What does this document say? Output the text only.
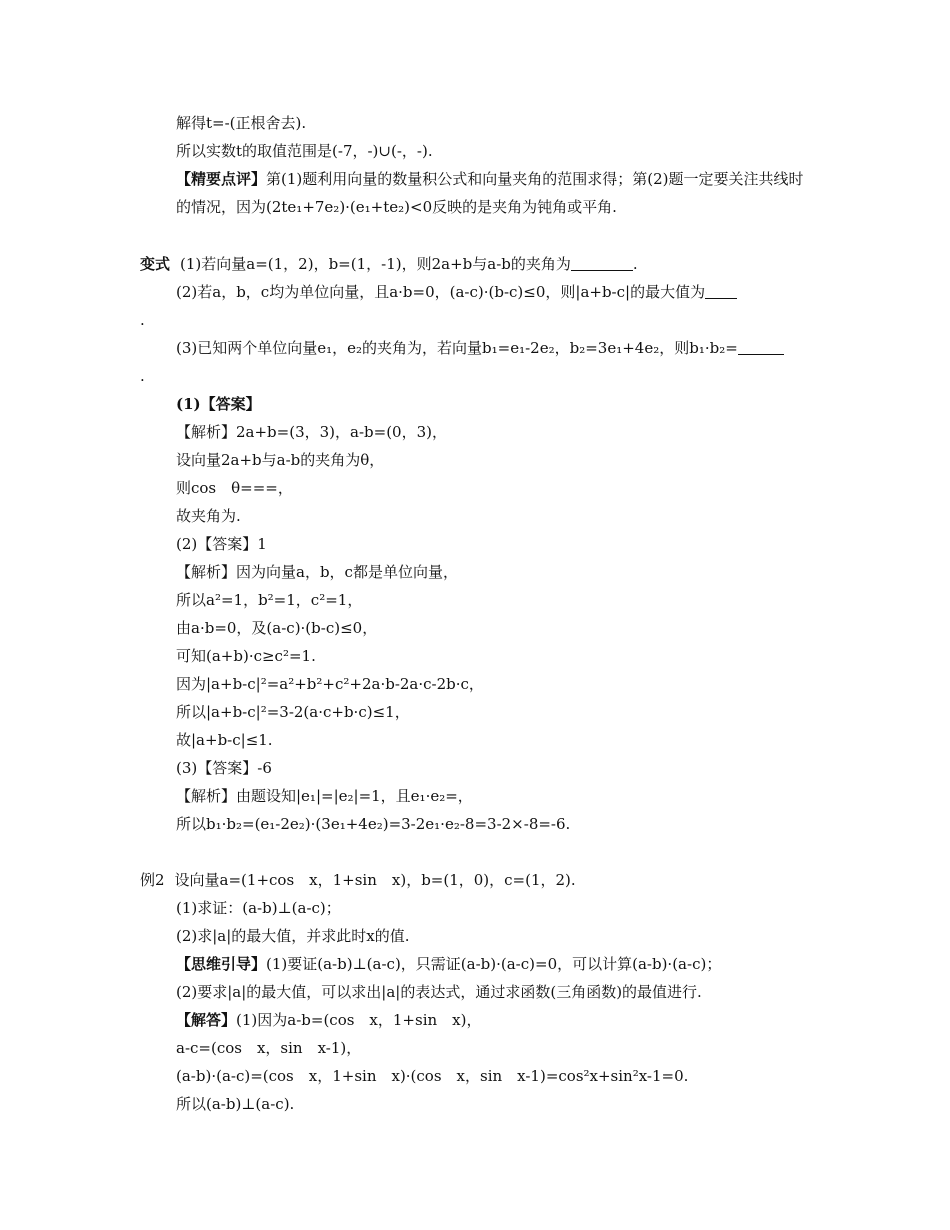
解得t=-(正根舍去).
所以实数t的取值范围是(-7，-)∪(-，-).
【精要点评】第(1)题利用向量的数量积公式和向量夹角的范围求得；第(2)题一定要关注共线时的情况，因为(2te₁+7e₂)·(e₁+te₂)<0反映的是夹角为钝角或平角.
变式 (1)若向量a=(1，2)，b=(1，-1)，则2a+b与a-b的夹角为	.
(2)若a，b，c均为单位向量，且a·b=0，(a-c)·(b-c)≤0，则|a+b-c|的最大值为
.
(3)已知两个单位向量e₁，e₂的夹角为，若向量b₁=e₁-2e₂，b₂=3e₁+4e₂，则b₁·b₂=
.
(1)【答案】
【解析】2a+b=(3，3)，a-b=(0，3)，
设向量2a+b与a-b的夹角为θ，
则cos　θ===，
故夹角为.
(2)【答案】1
【解析】因为向量a，b，c都是单位向量，
所以a²=1，b²=1，c²=1，
由a·b=0，及(a-c)·(b-c)≤0，
可知(a+b)·c≥c²=1.
因为|a+b-c|²=a²+b²+c²+2a·b-2a·c-2b·c，
所以|a+b-c|²=3-2(a·c+b·c)≤1，
故|a+b-c|≤1.
(3)【答案】-6
【解析】由题设知|e₁|=|e₂|=1，且e₁·e₂=，
所以b₁·b₂=(e₁-2e₂)·(3e₁+4e₂)=3-2e₁·e₂-8=3-2×-8=-6.
例2 设向量a=(1+cos　x，1+sin　x)，b=(1，0)，c=(1，2).
(1)求证：(a-b)⊥(a-c)；
(2)求|a|的最大值，并求此时x的值.
【思维引导】(1)要证(a-b)⊥(a-c)，只需证(a-b)·(a-c)=0，可以计算(a-b)·(a-c)；
(2)要求|a|的最大值，可以求出|a|的表达式，通过求函数(三角函数)的最值进行.
【解答】(1)因为a-b=(cos　x，1+sin　x)，
a-c=(cos　x，sin　x-1)，
(a-b)·(a-c)=(cos　x，1+sin　x)·(cos　x，sin　x-1)=cos²x+sin²x-1=0.
所以(a-b)⊥(a-c).
